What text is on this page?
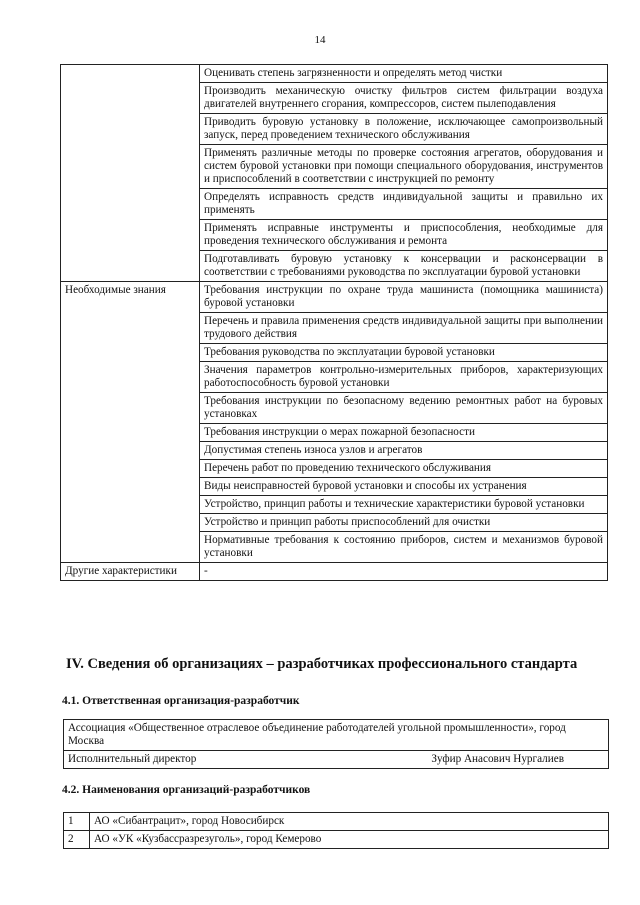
14
	Оценивать степень загрязненности и определять метод чистки
	Производить механическую очистку фильтров систем фильтрации воздуха двигателей внутреннего сгорания, компрессоров, систем пылеподавления
	Приводить буровую установку в положение, исключающее самопроизвольный запуск, перед проведением технического обслуживания
	Применять различные методы по проверке состояния агрегатов, оборудования и систем буровой установки при помощи специального оборудования, инструментов и приспособлений в соответствии с инструкцией по ремонту
	Определять исправность средств индивидуальной защиты и правильно их применять
	Применять исправные инструменты и приспособления, необходимые для проведения технического обслуживания и ремонта
	Подготавливать буровую установку к консервации и расконсервации в соответствии с требованиями руководства по эксплуатации буровой установки
Необходимые знания	Требования инструкции по охране труда машиниста (помощника машиниста) буровой установки
	Перечень и правила применения средств индивидуальной защиты при выполнении трудового действия
	Требования руководства по эксплуатации буровой установки
	Значения параметров контрольно-измерительных приборов, характеризующих работоспособность буровой установки
	Требования инструкции по безопасному ведению ремонтных работ на буровых установках
	Требования инструкции о мерах пожарной безопасности
	Допустимая степень износа узлов и агрегатов
	Перечень работ по проведению технического обслуживания
	Виды неисправностей буровой установки и способы их устранения
	Устройство, принцип работы и технические характеристики буровой установки
	Устройство и принцип работы приспособлений для очистки
	Нормативные требования к состоянию приборов, систем и механизмов буровой установки
Другие характеристики	-
IV. Сведения об организациях – разработчиках профессионального стандарта
4.1. Ответственная организация-разработчик
Ассоциация «Общественное отраслевое объединение работодателей угольной промышленности», город Москва
Исполнительный директор	Зуфир Анасович Нургалиев
4.2. Наименования организаций-разработчиков
1	АО «Сибантрацит», город Новосибирск
2	АО «УК «Кузбассразрезуголь», город Кемерово
